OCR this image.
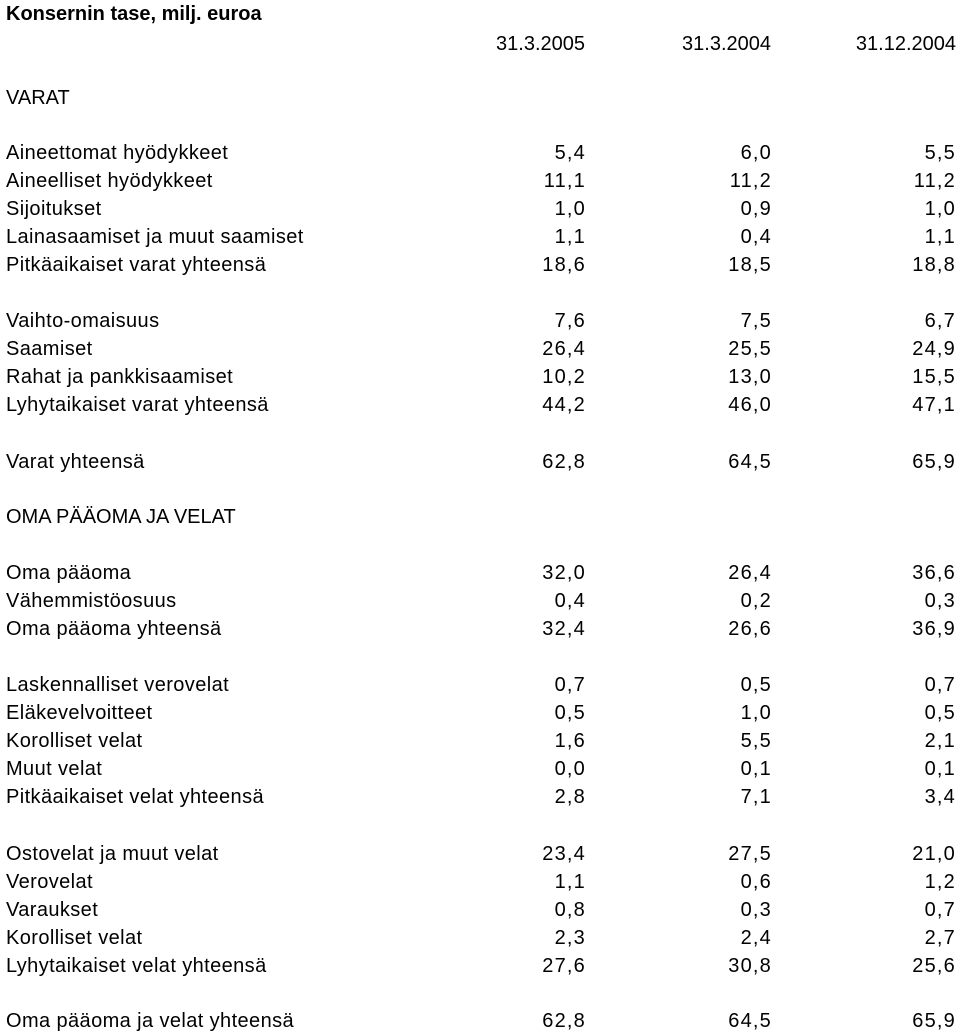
Konsernin tase, milj. euroa
31.3.2005	31.3.2004	31.12.2004
VARAT
OMA PÄÄOMA JA VELAT
Aineettomat hyödykkeet	5,4	6,0	5,5
Aineelliset hyödykkeet	11,1	11,2	11,2
Sijoitukset	1,0	0,9	1,0
Lainasaamiset ja muut saamiset	1,1	0,4	1,1
Pitkäaikaiset varat yhteensä	18,6	18,5	18,8
Vaihto-omaisuus	7,6	7,5	6,7
Saamiset	26,4	25,5	24,9
Rahat ja pankkisaamiset	10,2	13,0	15,5
Lyhytaikaiset varat yhteensä	44,2	46,0	47,1
Varat yhteensä	62,8	64,5	65,9
Oma pääoma	32,0	26,4	36,6
Vähemmistöosuus	0,4	0,2	0,3
Oma pääoma yhteensä	32,4	26,6	36,9
Laskennalliset verovelat	0,7	0,5	0,7
Eläkevelvoitteet	0,5	1,0	0,5
Korolliset velat	1,6	5,5	2,1
Muut velat	0,0	0,1	0,1
Pitkäaikaiset velat yhteensä	2,8	7,1	3,4
Ostovelat ja muut velat	23,4	27,5	21,0
Verovelat	1,1	0,6	1,2
Varaukset	0,8	0,3	0,7
Korolliset velat	2,3	2,4	2,7
Lyhytaikaiset velat yhteensä	27,6	30,8	25,6
Oma pääoma ja velat yhteensä	62,8	64,5	65,9
